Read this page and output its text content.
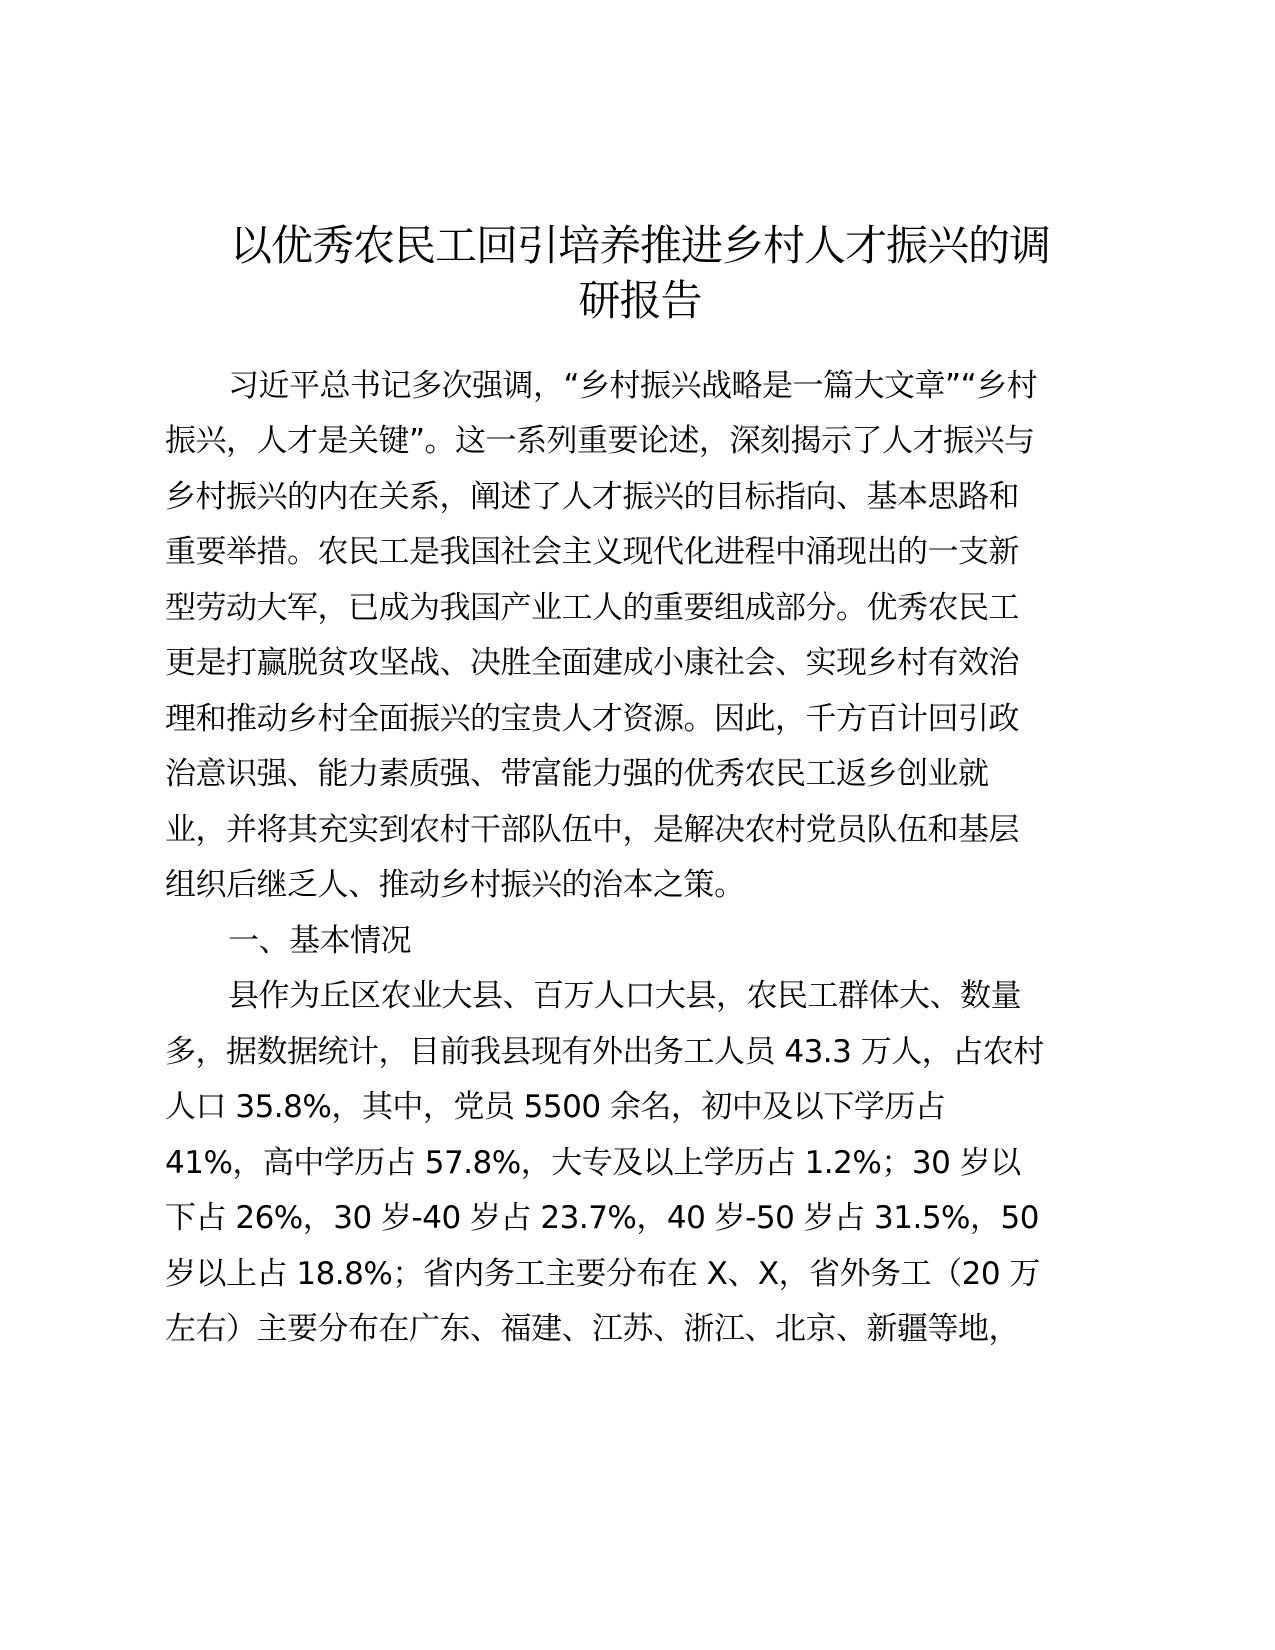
以优秀农民工回引培养推进乡村人才振兴的调
研报告
习近平总书记多次强调，“乡村振兴战略是一篇大文章”“乡村
振兴，人才是关键”。这一系列重要论述，深刻揭示了人才振兴与
乡村振兴的内在关系，阐述了人才振兴的目标指向、基本思路和
重要举措。农民工是我国社会主义现代化进程中涌现出的一支新
型劳动大军，已成为我国产业工人的重要组成部分。优秀农民工
更是打赢脱贫攻坚战、决胜全面建成小康社会、实现乡村有效治
理和推动乡村全面振兴的宝贵人才资源。因此，千方百计回引政
治意识强、能力素质强、带富能力强的优秀农民工返乡创业就
业，并将其充实到农村干部队伍中，是解决农村党员队伍和基层
组织后继乏人、推动乡村振兴的治本之策。
一、基本情况
县作为丘区农业大县、百万人口大县，农民工群体大、数量
多，据数据统计，目前我县现有外出务工人员 43.3 万人，占农村
人口 35.8%，其中，党员 5500 余名，初中及以下学历占
41%，高中学历占 57.8%，大专及以上学历占 1.2%；30 岁以
下占 26%，30 岁-40 岁占 23.7%，40 岁-50 岁占 31.5%，50
岁以上占 18.8%；省内务工主要分布在 X、X，省外务工（20 万
左右）主要分布在广东、福建、江苏、浙江、北京、新疆等地，
